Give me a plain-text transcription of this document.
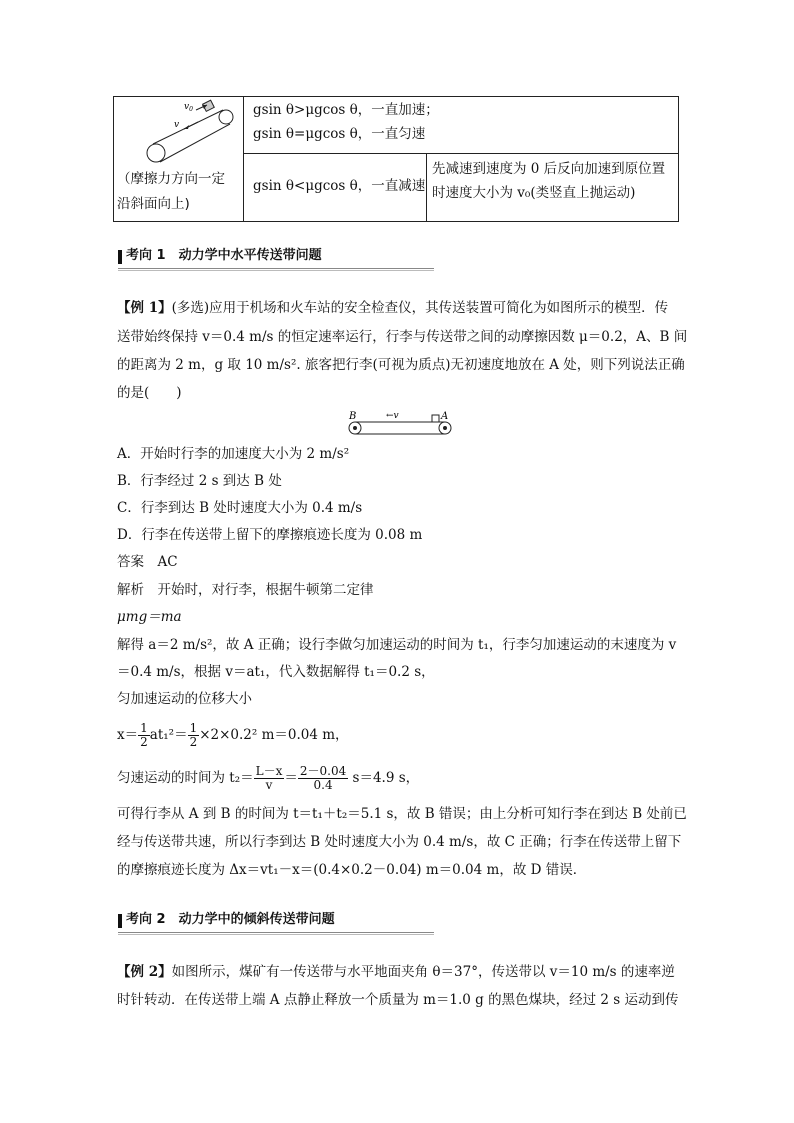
$v_0$
v
（摩擦力方向一定
沿斜面向上)
gsin θ>μgcos θ，一直加速；
gsin θ=μgcos θ，一直匀速
gsin θ<μgcos θ，一直减速
先减速到速度为 0 后反向加速到原位置
时速度大小为 v₀(类竖直上抛运动)
考向 1　动力学中水平传送带问题
【例 1】(多选)应用于机场和火车站的安全检查仪，其传送装置可简化为如图所示的模型．传
送带始终保持 v＝0.4 m/s 的恒定速率运行，行李与传送带之间的动摩擦因数 μ＝0.2，A、B 间
的距离为 2 m，g 取 10 m/s². 旅客把行李(可视为质点)无初速度地放在 A 处，则下列说法正确
的是(　　)
B	A
←v
A．开始时行李的加速度大小为 2 m/s²
B．行李经过 2 s 到达 B 处
C．行李到达 B 处时速度大小为 0.4 m/s
D．行李在传送带上留下的摩擦痕迹长度为 0.08 m
答案　AC
解析　开始时，对行李，根据牛顿第二定律
μmg＝ma
解得 a＝2 m/s²，故 A 正确；设行李做匀加速运动的时间为 t₁，行李匀加速运动的末速度为 v
＝0.4 m/s，根据 v＝at₁，代入数据解得 t₁＝0.2 s，
匀加速运动的位移大小
$x= \frac{1}{2} at_1^2= \frac{1}{2} \times 2\times 0.2^2$ m＝0.04 m，
匀速运动的时间为 $t_2= \frac{L-x}{v} = \frac{2-0.04}{0.4} s=4.9$ s，
可得行李从 A 到 B 的时间为 t＝t₁＋t₂＝5.1 s，故 B 错误；由上分析可知行李在到达 B 处前已
经与传送带共速，所以行李到达 B 处时速度大小为 0.4 m/s，故 C 正确；行李在传送带上留下
的摩擦痕迹长度为 Δx＝vt₁－x＝(0.4×0.2－0.04) m＝0.04 m，故 D 错误．
考向 2　动力学中的倾斜传送带问题
【例 2】如图所示，煤矿有一传送带与水平地面夹角 θ＝37°，传送带以 v＝10 m/s 的速率逆
时针转动．在传送带上端 A 点静止释放一个质量为 m＝1.0 g 的黑色煤块，经过 2 s 运动到传
